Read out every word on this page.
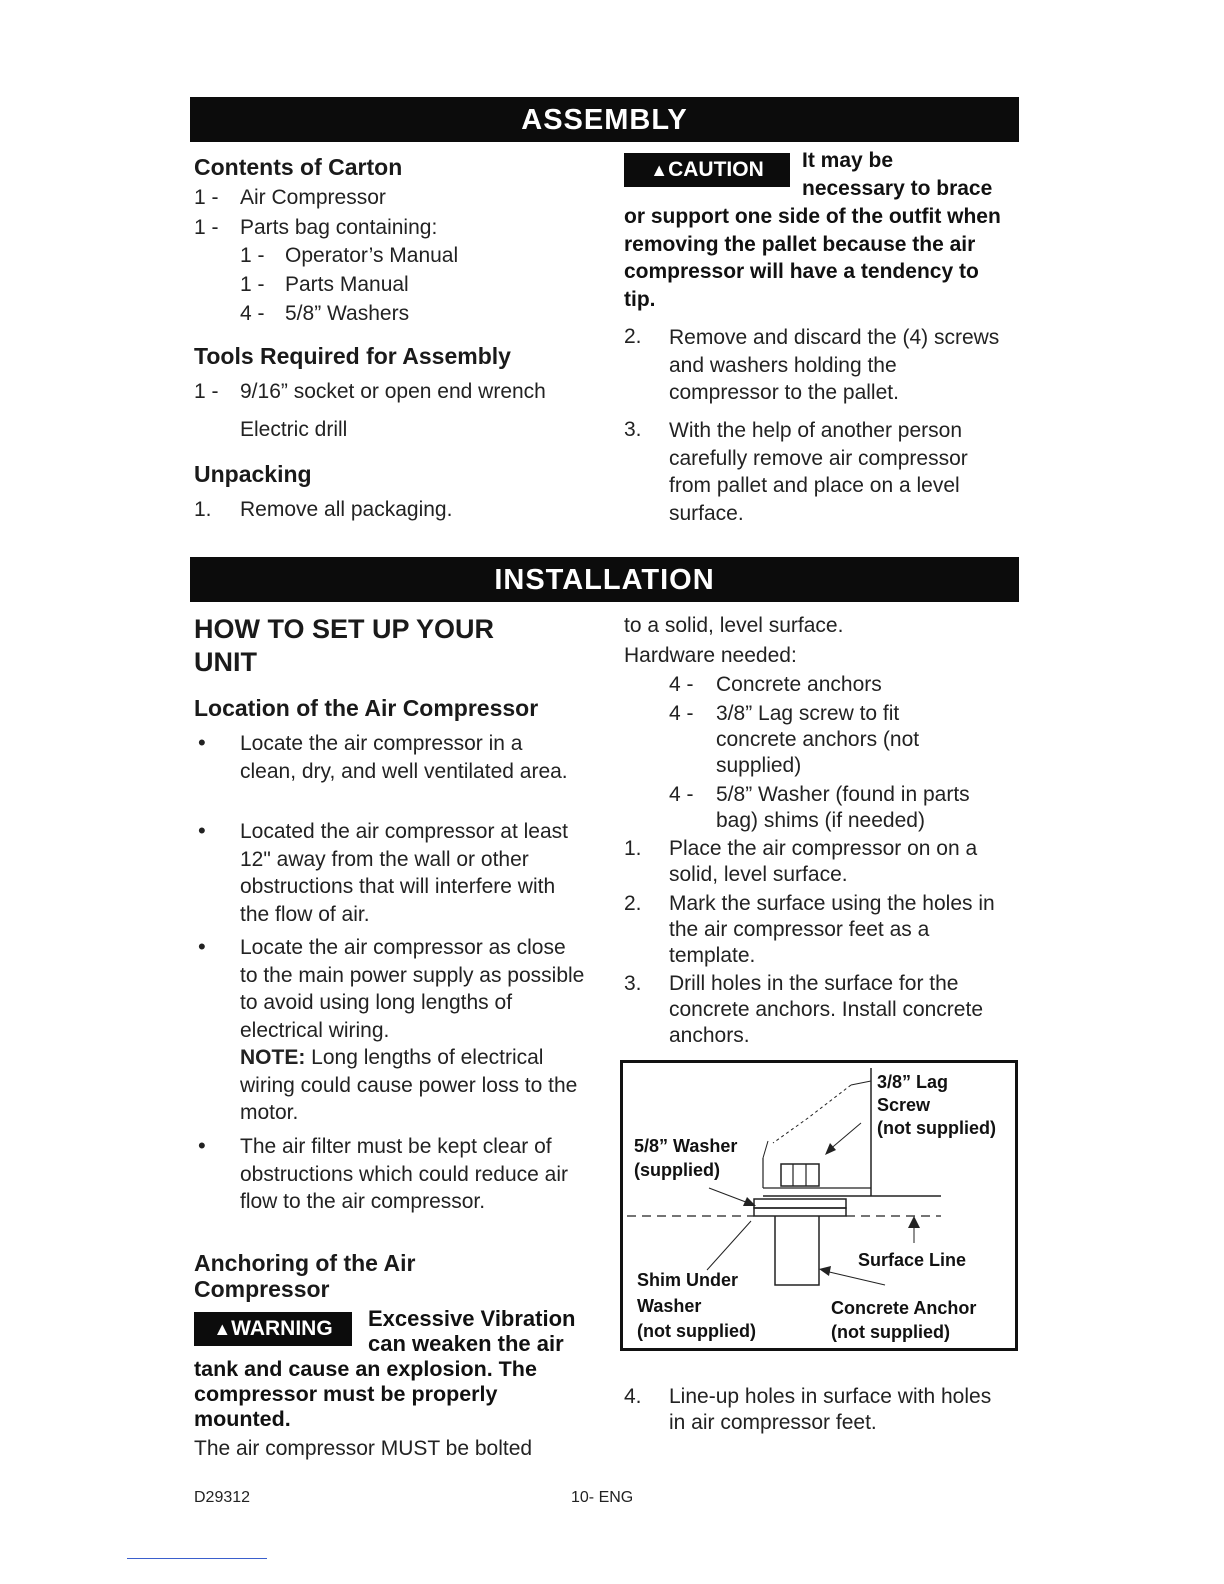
ASSEMBLY
Contents of Carton
1 - Air Compressor
1 - Parts bag containing:
1 - Operator’s Manual
1 - Parts Manual
4 - 5/8” Washers
Tools Required for Assembly
1 - 9/16” socket or open end wrench
Electric drill
Unpacking
1. Remove all packaging.
▲CAUTION	It may be
necessary to brace
or support one side of the outfit when removing the pallet because the air compressor will have a tendency to tip.
2. Remove and discard the (4) screws and washers holding the compressor to the pallet.
3. With the help of another person carefully remove air compressor from pallet and place on a level surface.
INSTALLATION
HOW TO SET UP YOUR
UNIT
Location of the Air Compressor
• Locate the air compressor in a clean, dry, and well ventilated area.
• Located the air compressor at least 12" away from the wall or other obstructions that will interfere with the flow of air.
• Locate the air compressor as close to the main power supply as possible to avoid using long lengths of electrical wiring.
NOTE: Long lengths of electrical wiring could cause power loss to the motor.
• The air filter must be kept clear of obstructions which could reduce air flow to the air compressor.
Anchoring of the Air
Compressor
▲WARNING	Excessive Vibration
can weaken the air
tank and cause an explosion. The compressor must be properly mounted.
The air compressor MUST be bolted
to a solid, level surface.
Hardware needed:
4 - Concrete anchors
4 - 3/8” Lag screw to fit concrete anchors (not supplied)
4 - 5/8” Washer (found in parts bag) shims (if needed)
1. Place the air compressor on on a solid, level surface.
2. Mark the surface using the holes in the air compressor feet as a template.
3. Drill holes in the surface for the concrete anchors. Install concrete anchors.
3/8” Lag
Screw
(not supplied)
5/8” Washer
(supplied)
Surface Line
Shim Under
Washer
(not supplied)
Concrete Anchor
(not supplied)
4. Line-up holes in surface with holes in air compressor feet.
D29312	10- ENG
